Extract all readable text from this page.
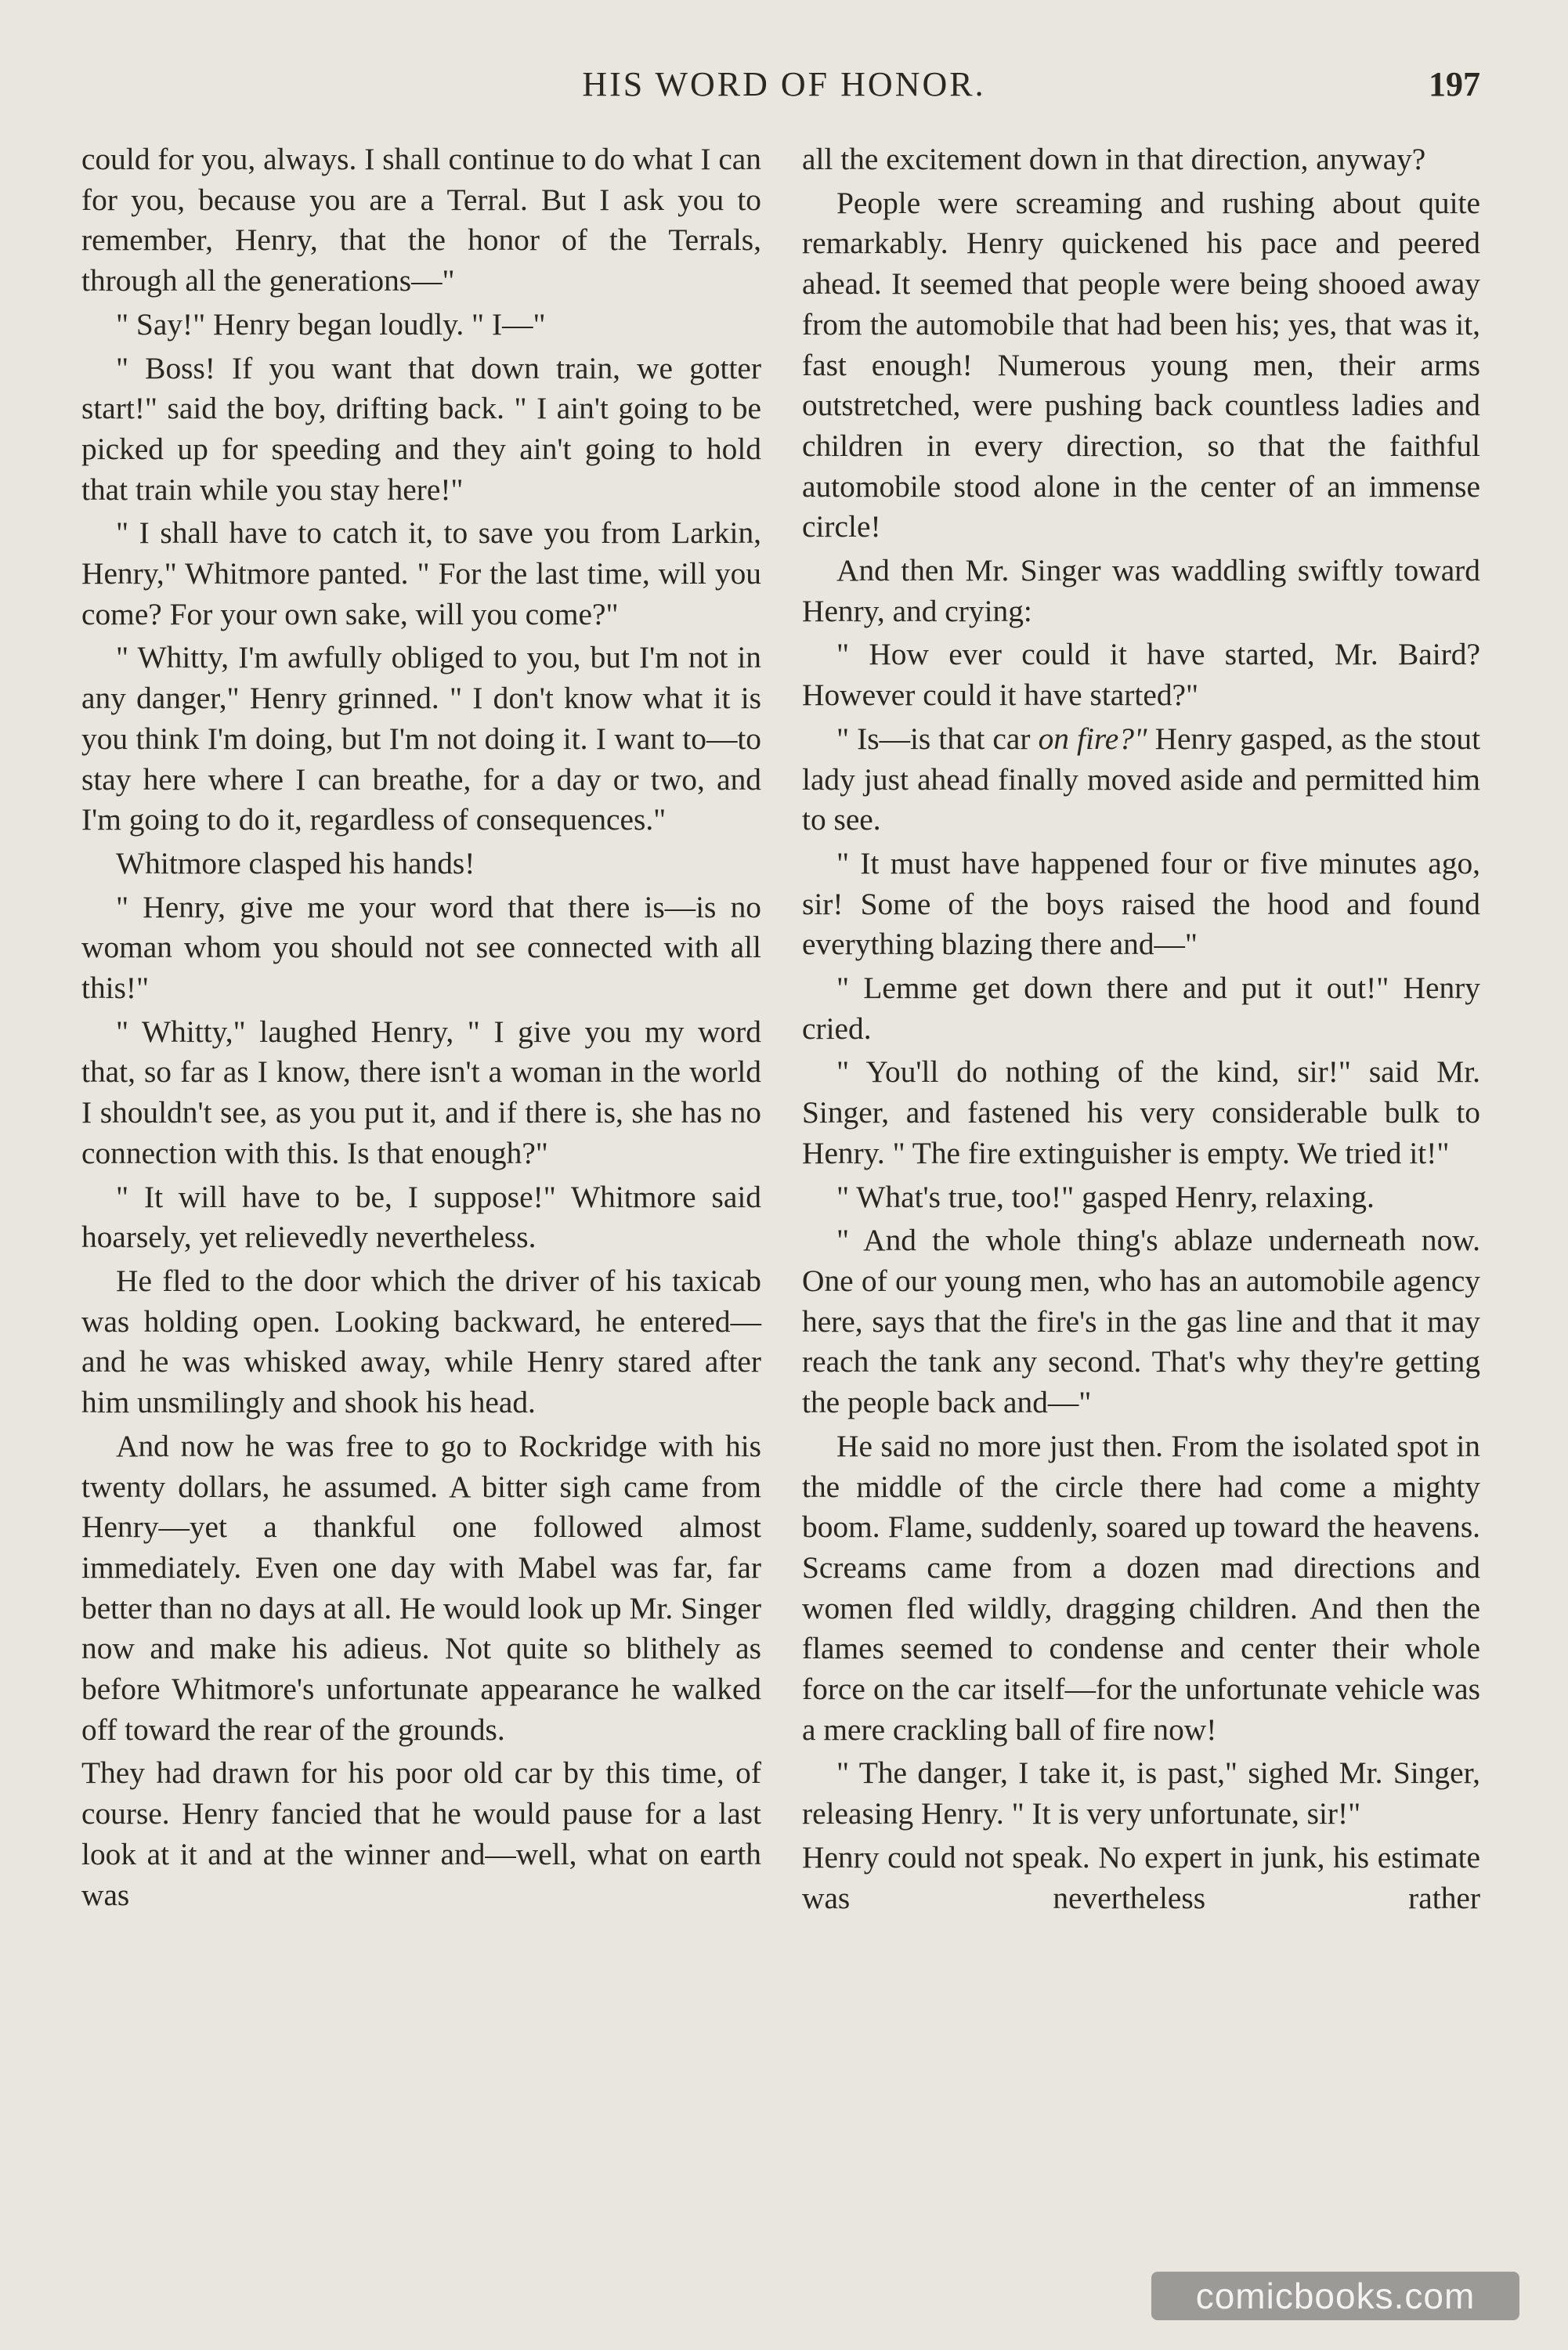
HIS WORD OF HONOR.	197

could for you, always. I shall continue to do what I can for you, because you are a Terral. But I ask you to remember, Henry, that the honor of the Terrals, through all the generations—"

" Say!" Henry began loudly. " I—"

" Boss! If you want that down train, we gotter start!" said the boy, drifting back. " I ain't going to be picked up for speeding and they ain't going to hold that train while you stay here!"

" I shall have to catch it, to save you from Larkin, Henry," Whitmore panted. " For the last time, will you come? For your own sake, will you come?"

" Whitty, I'm awfully obliged to you, but I'm not in any danger," Henry grinned. " I don't know what it is you think I'm doing, but I'm not doing it. I want to—to stay here where I can breathe, for a day or two, and I'm going to do it, regardless of consequences."

Whitmore clasped his hands!

" Henry, give me your word that there is—is no woman whom you should not see connected with all this!"

" Whitty," laughed Henry, " I give you my word that, so far as I know, there isn't a woman in the world I shouldn't see, as you put it, and if there is, she has no connection with this. Is that enough?"

" It will have to be, I suppose!" Whitmore said hoarsely, yet relievedly nevertheless.

He fled to the door which the driver of his taxicab was holding open. Looking backward, he entered—and he was whisked away, while Henry stared after him unsmilingly and shook his head.

And now he was free to go to Rockridge with his twenty dollars, he assumed. A bitter sigh came from Henry—yet a thankful one followed almost immediately. Even one day with Mabel was far, far better than no days at all. He would look up Mr. Singer now and make his adieus. Not quite so blithely as before Whitmore's unfortunate appearance he walked off toward the rear of the grounds.

They had drawn for his poor old car by this time, of course. Henry fancied that he would pause for a last look at it and at the winner and—well, what on earth was

all the excitement down in that direction, anyway?

People were screaming and rushing about quite remarkably. Henry quickened his pace and peered ahead. It seemed that people were being shooed away from the automobile that had been his; yes, that was it, fast enough! Numerous young men, their arms outstretched, were pushing back countless ladies and children in every direction, so that the faithful automobile stood alone in the center of an immense circle!

And then Mr. Singer was waddling swiftly toward Henry, and crying:

" How ever could it have started, Mr. Baird? However could it have started?"

" Is—is that car on fire?" Henry gasped, as the stout lady just ahead finally moved aside and permitted him to see.

" It must have happened four or five minutes ago, sir! Some of the boys raised the hood and found everything blazing there and—"

" Lemme get down there and put it out!" Henry cried.

" You'll do nothing of the kind, sir!" said Mr. Singer, and fastened his very considerable bulk to Henry. " The fire extinguisher is empty. We tried it!"

" What's true, too!" gasped Henry, relaxing.

" And the whole thing's ablaze underneath now. One of our young men, who has an automobile agency here, says that the fire's in the gas line and that it may reach the tank any second. That's why they're getting the people back and—"

He said no more just then. From the isolated spot in the middle of the circle there had come a mighty boom. Flame, suddenly, soared up toward the heavens. Screams came from a dozen mad directions and women fled wildly, dragging children. And then the flames seemed to condense and center their whole force on the car itself—for the unfortunate vehicle was a mere crackling ball of fire now!

" The danger, I take it, is past," sighed Mr. Singer, releasing Henry. " It is very unfortunate, sir!"

Henry could not speak. No expert in junk, his estimate was nevertheless rather

comicbooks.com
